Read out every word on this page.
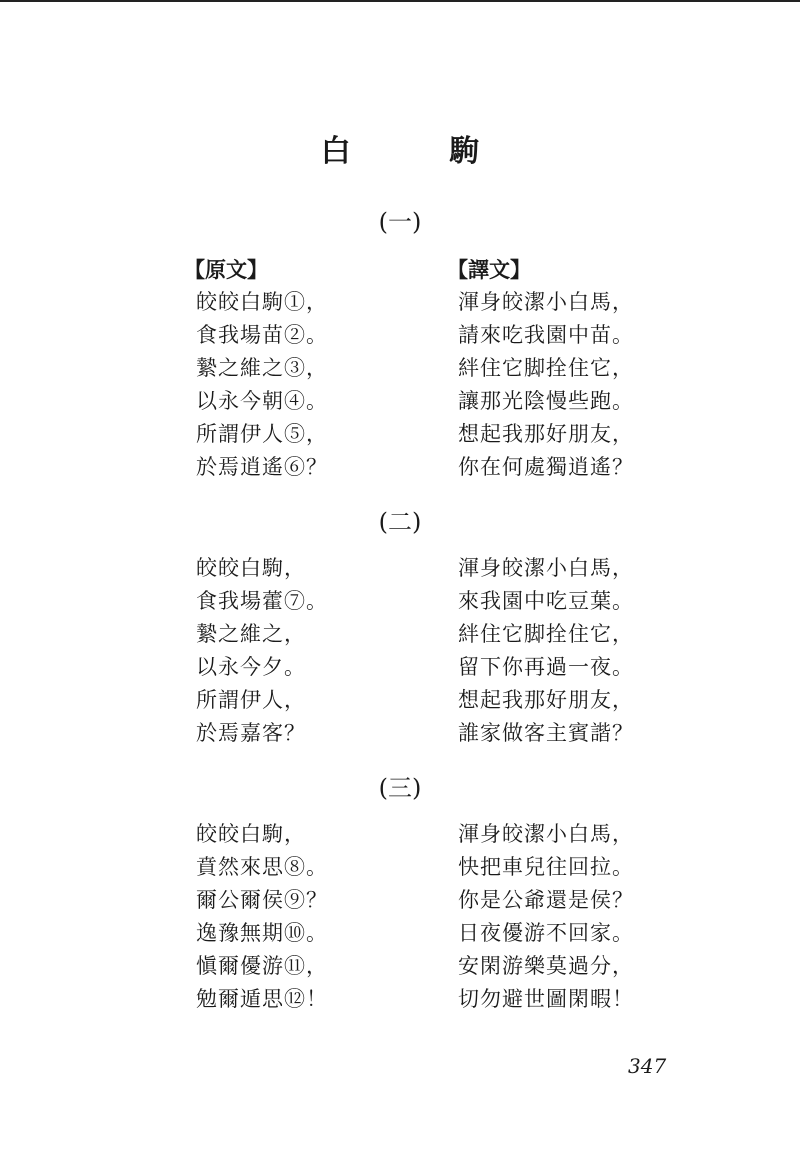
白 駒
(一)
【原文】	【譯文】
皎皎白駒①，
食我場苗②。
縶之維之③，
以永今朝④。
所謂伊人⑤，
於焉逍遙⑥？
渾身皎潔小白馬，
請來吃我園中苗。
絆住它脚拴住它，
讓那光陰慢些跑。
想起我那好朋友，
你在何處獨逍遙？
(二)
皎皎白駒，
食我場藿⑦。
縶之維之，
以永今夕。
所謂伊人，
於焉嘉客？
渾身皎潔小白馬，
來我園中吃豆葉。
絆住它脚拴住它，
留下你再過一夜。
想起我那好朋友，
誰家做客主賓諧？
(三)
皎皎白駒，
賁然來思⑧。
爾公爾侯⑨？
逸豫無期⑩。
愼爾優游⑪，
勉爾遁思⑫！
渾身皎潔小白馬，
快把車兒往回拉。
你是公爺還是侯？
日夜優游不回家。
安閑游樂莫過分，
切勿避世圖閑暇！
347
